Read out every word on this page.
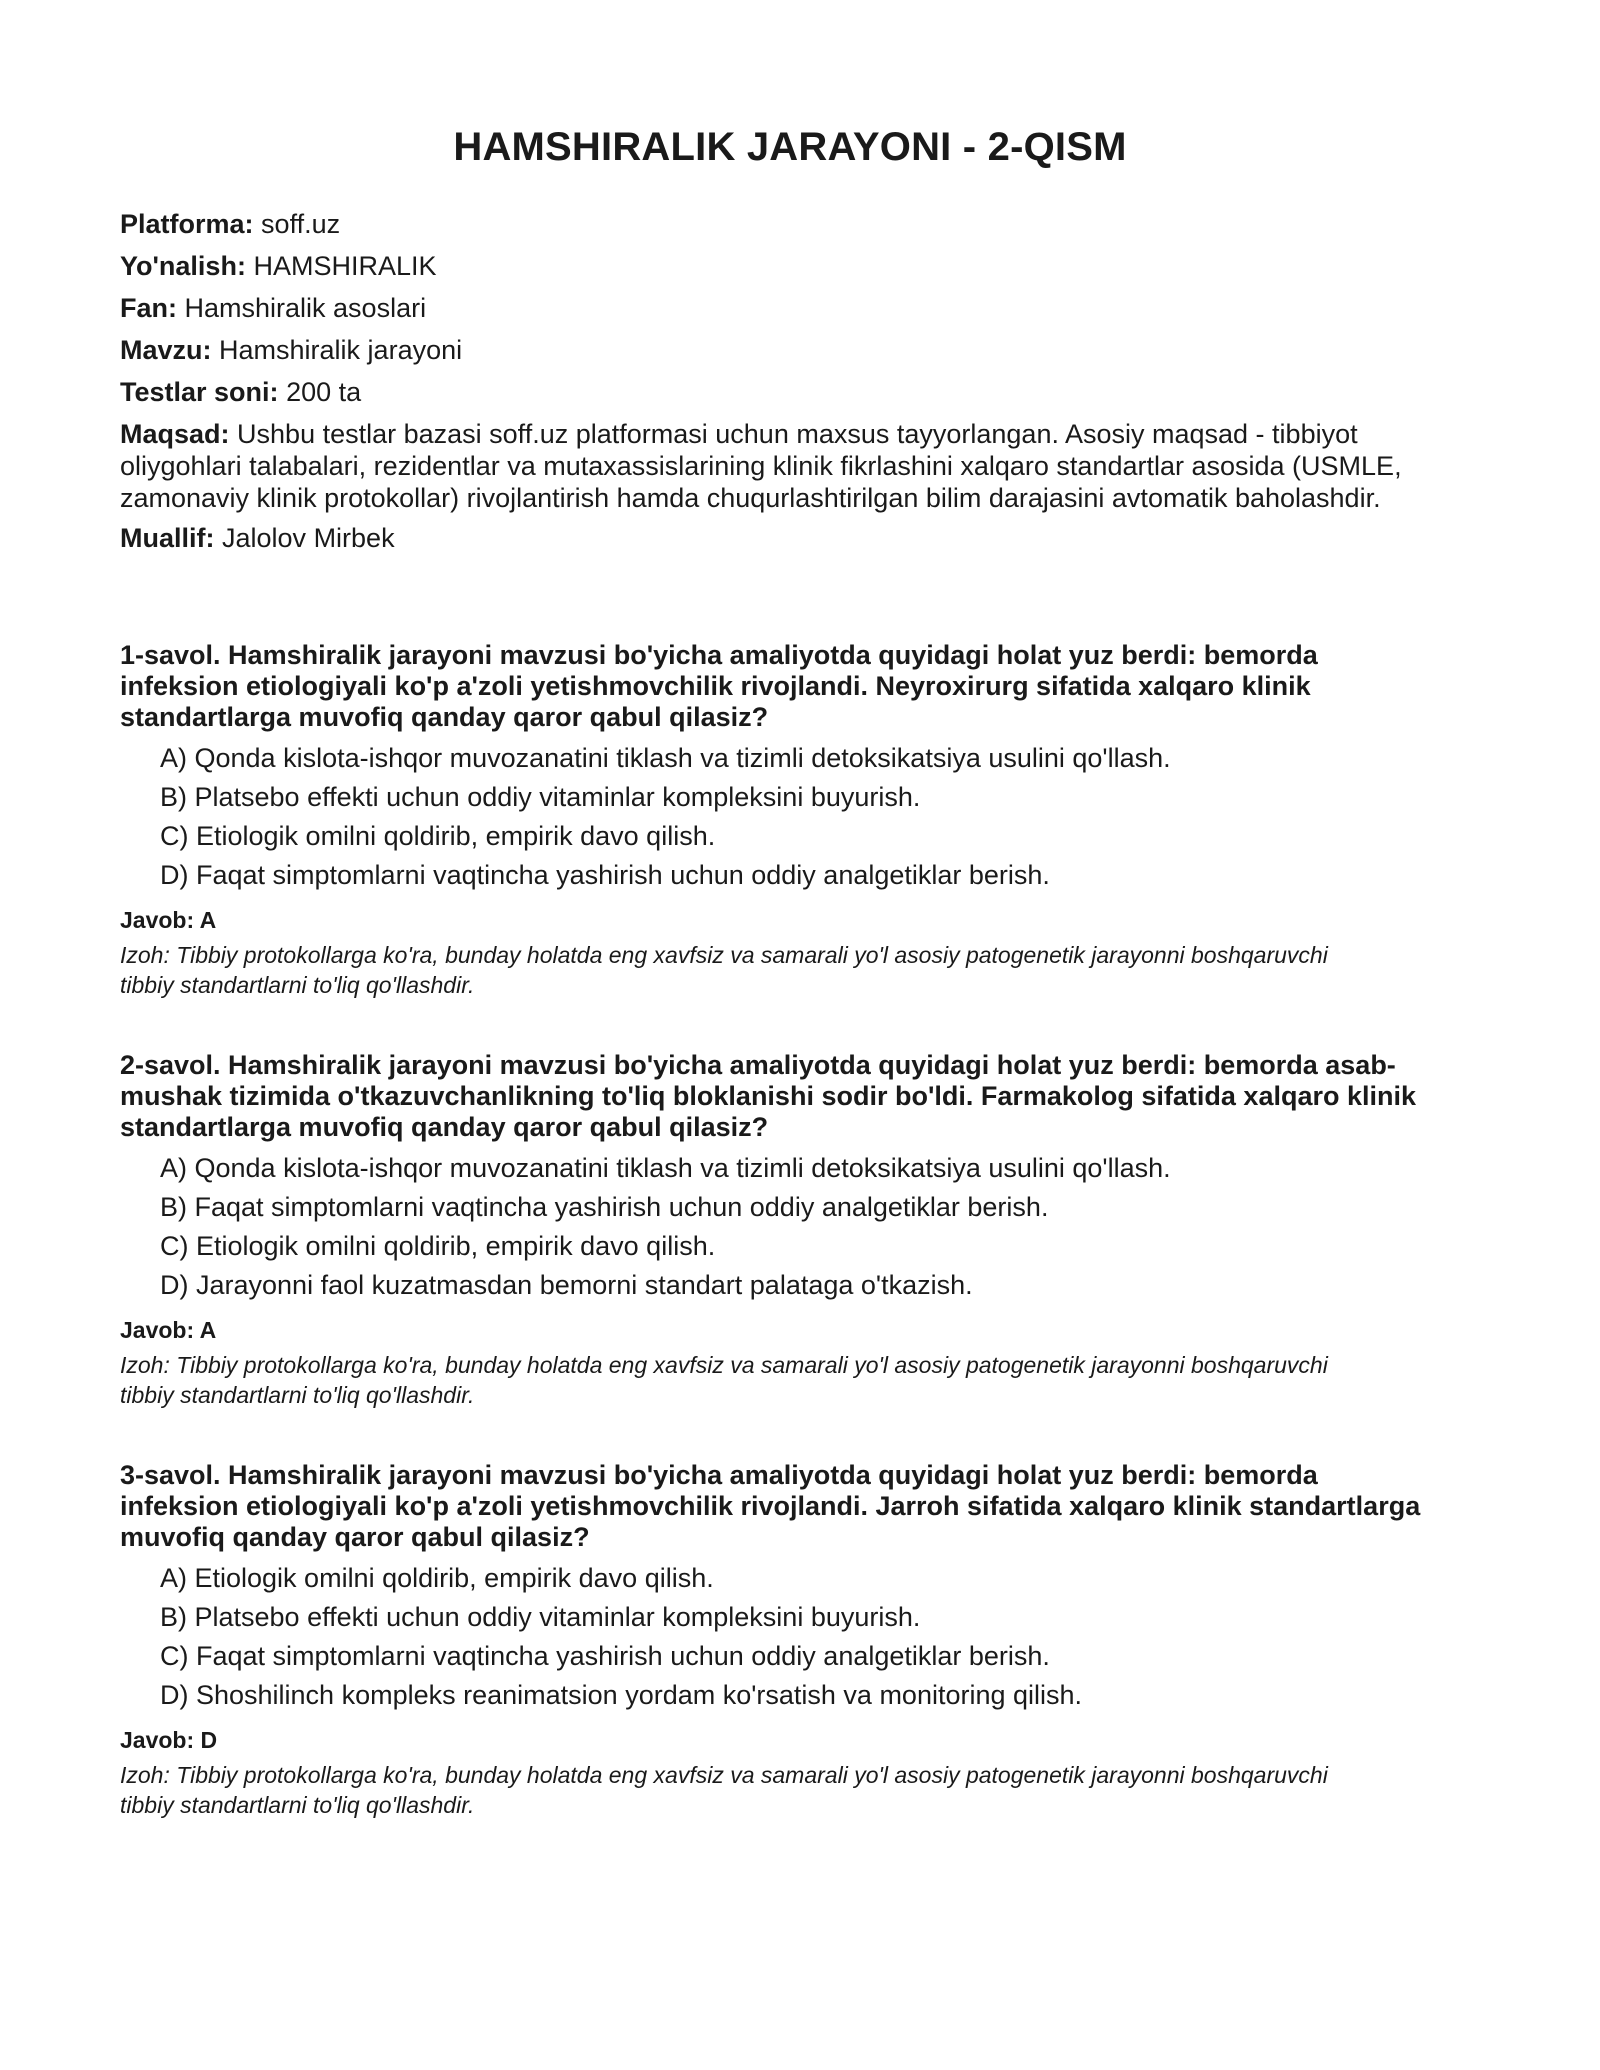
HAMSHIRALIK JARAYONI - 2-QISM
Platforma: soff.uz
Yo'nalish: HAMSHIRALIK
Fan: Hamshiralik asoslari
Mavzu: Hamshiralik jarayoni
Testlar soni: 200 ta
Maqsad: Ushbu testlar bazasi soff.uz platformasi uchun maxsus tayyorlangan. Asosiy maqsad - tibbiyot oliygohlari talabalari, rezidentlar va mutaxassislarining klinik fikrlashini xalqaro standartlar asosida (USMLE, zamonaviy klinik protokollar) rivojlantirish hamda chuqurlashtirilgan bilim darajasini avtomatik baholashdir.
Muallif: Jalolov Mirbek
1-savol. Hamshiralik jarayoni mavzusi bo'yicha amaliyotda quyidagi holat yuz berdi: bemorda infeksion etiologiyali ko'p a'zoli yetishmovchilik rivojlandi. Neyroxirurg sifatida xalqaro klinik standartlarga muvofiq qanday qaror qabul qilasiz?
A) Qonda kislota-ishqor muvozanatini tiklash va tizimli detoksikatsiya usulini qo'llash.
B) Platsebo effekti uchun oddiy vitaminlar kompleksini buyurish.
C) Etiologik omilni qoldirib, empirik davo qilish.
D) Faqat simptomlarni vaqtincha yashirish uchun oddiy analgetiklar berish.
Javob: A
Izoh: Tibbiy protokollarga ko'ra, bunday holatda eng xavfsiz va samarali yo'l asosiy patogenetik jarayonni boshqaruvchi tibbiy standartlarni to'liq qo'llashdir.
2-savol. Hamshiralik jarayoni mavzusi bo'yicha amaliyotda quyidagi holat yuz berdi: bemorda asab-mushak tizimida o'tkazuvchanlikning to'liq bloklanishi sodir bo'ldi. Farmakolog sifatida xalqaro klinik standartlarga muvofiq qanday qaror qabul qilasiz?
A) Qonda kislota-ishqor muvozanatini tiklash va tizimli detoksikatsiya usulini qo'llash.
B) Faqat simptomlarni vaqtincha yashirish uchun oddiy analgetiklar berish.
C) Etiologik omilni qoldirib, empirik davo qilish.
D) Jarayonni faol kuzatmasdan bemorni standart palataga o'tkazish.
Javob: A
Izoh: Tibbiy protokollarga ko'ra, bunday holatda eng xavfsiz va samarali yo'l asosiy patogenetik jarayonni boshqaruvchi tibbiy standartlarni to'liq qo'llashdir.
3-savol. Hamshiralik jarayoni mavzusi bo'yicha amaliyotda quyidagi holat yuz berdi: bemorda infeksion etiologiyali ko'p a'zoli yetishmovchilik rivojlandi. Jarroh sifatida xalqaro klinik standartlarga muvofiq qanday qaror qabul qilasiz?
A) Etiologik omilni qoldirib, empirik davo qilish.
B) Platsebo effekti uchun oddiy vitaminlar kompleksini buyurish.
C) Faqat simptomlarni vaqtincha yashirish uchun oddiy analgetiklar berish.
D) Shoshilinch kompleks reanimatsion yordam ko'rsatish va monitoring qilish.
Javob: D
Izoh: Tibbiy protokollarga ko'ra, bunday holatda eng xavfsiz va samarali yo'l asosiy patogenetik jarayonni boshqaruvchi tibbiy standartlarni to'liq qo'llashdir.
